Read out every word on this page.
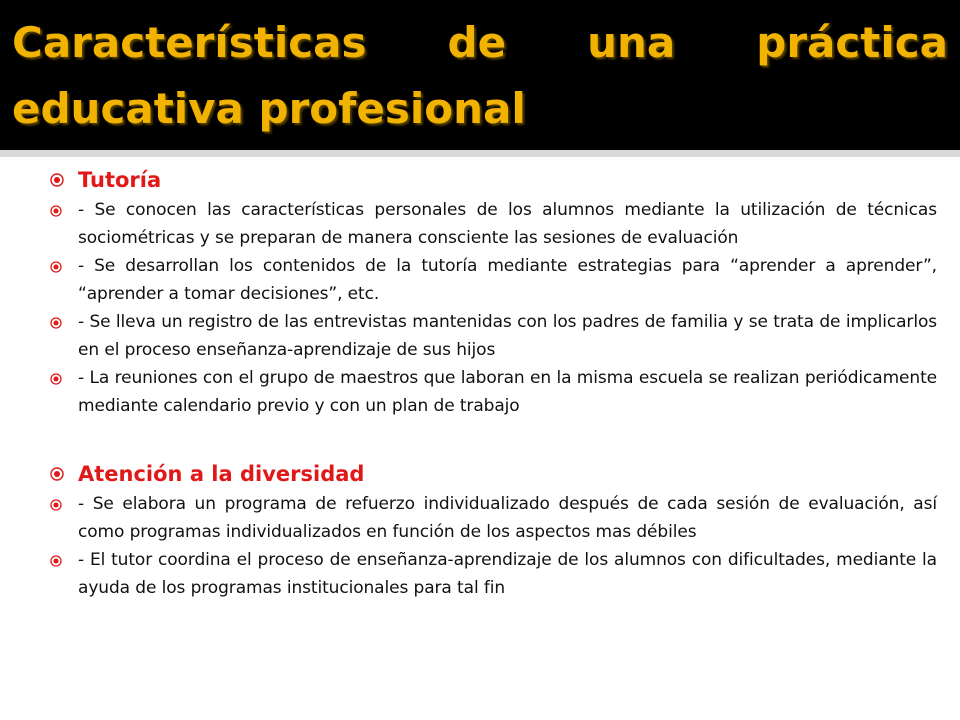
Características de una práctica
educativa profesional
Tutoría
- Se conocen las características personales de los alumnos mediante la utilización de técnicas sociométricas y se preparan de manera consciente las sesiones de evaluación
- Se desarrollan los contenidos de la tutoría mediante estrategias para “aprender a aprender”, “aprender a tomar decisiones”, etc.
- Se lleva un registro de las entrevistas mantenidas con los padres de familia y se trata de implicarlos en el proceso enseñanza-aprendizaje de sus hijos
- La reuniones con el grupo de maestros que laboran en la misma escuela se realizan periódicamente mediante calendario previo y con un plan de trabajo
Atención a la diversidad
- Se elabora un programa de refuerzo individualizado después de cada sesión de evaluación, así como programas individualizados en función de los aspectos mas débiles
- El tutor coordina el proceso de enseñanza-aprendizaje de los alumnos con dificultades, mediante la ayuda de los programas institucionales para tal fin
